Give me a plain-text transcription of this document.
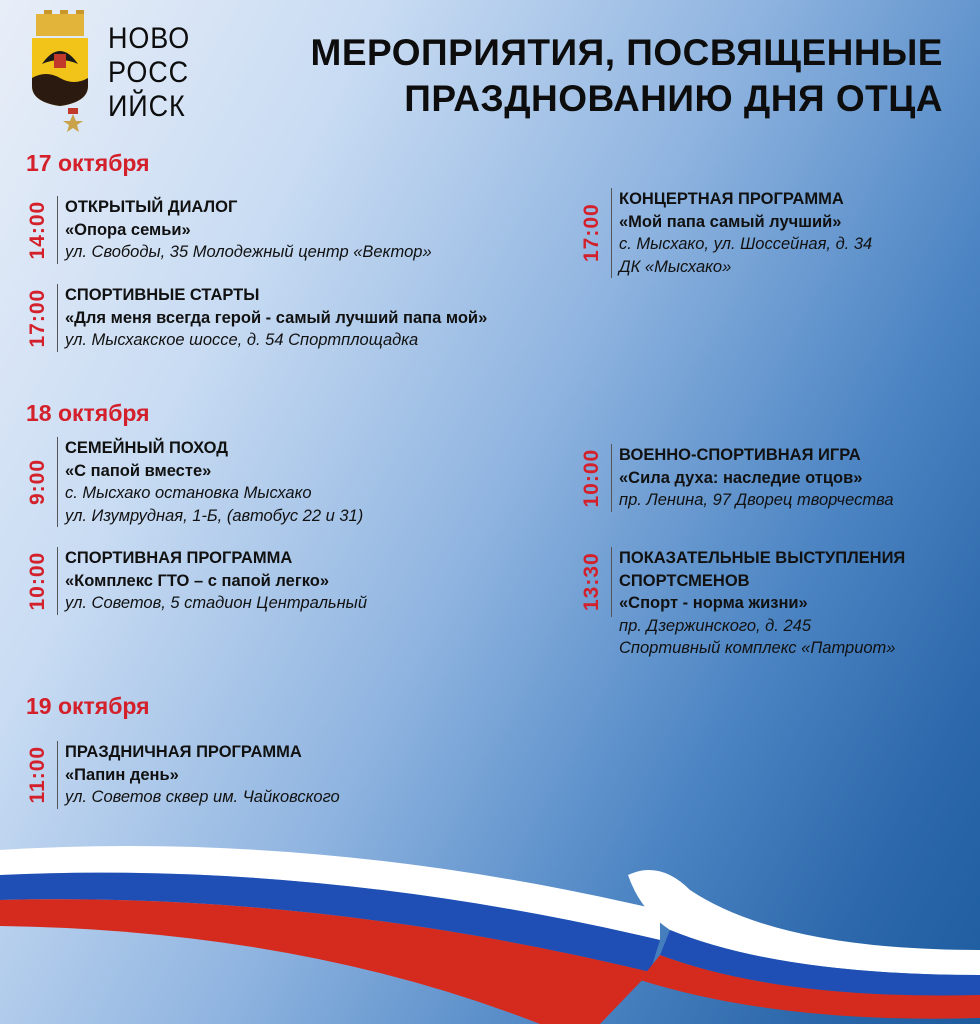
НОВО
РОСС
ИЙСК
МЕРОПРИЯТИЯ, ПОСВЯЩЕННЫЕ
ПРАЗДНОВАНИЮ ДНЯ ОТЦА
17 октября
14:00 ОТКРЫТЫЙ ДИАЛОГ
«Опора семьи»
ул. Свободы, 35 Молодежный центр «Вектор»
17:00 СПОРТИВНЫЕ СТАРТЫ
«Для меня всегда герой - самый лучший папа мой»
ул. Мысхакское шоссе, д. 54 Спортплощадка
17:00
КОНЦЕРТНАЯ ПРОГРАММА
«Мой папа самый лучший»
с. Мысхако, ул. Шоссейная, д. 34
ДК «Мысхако»
18 октября
9:00
СЕМЕЙНЫЙ ПОХОД
«С папой вместе»
с. Мысхако остановка Мысхако
ул. Изумрудная, 1-Б, (автобус 22 и 31)
10:00 СПОРТИВНАЯ ПРОГРАММА
«Комплекс ГТО – с папой легко»
ул. Советов, 5 стадион Центральный
10:00 ВОЕННО-СПОРТИВНАЯ ИГРА
«Сила духа: наследие отцов»
пр. Ленина, 97 Дворец творчества
13:30 ПОКАЗАТЕЛЬНЫЕ ВЫСТУПЛЕНИЯ СПОРТСМЕНОВ
«Спорт - норма жизни»
пр. Дзержинского, д. 245
Спортивный комплекс «Патриот»
19 октября
11:00 ПРАЗДНИЧНАЯ ПРОГРАММА
«Папин день»
ул. Советов сквер им. Чайковского
